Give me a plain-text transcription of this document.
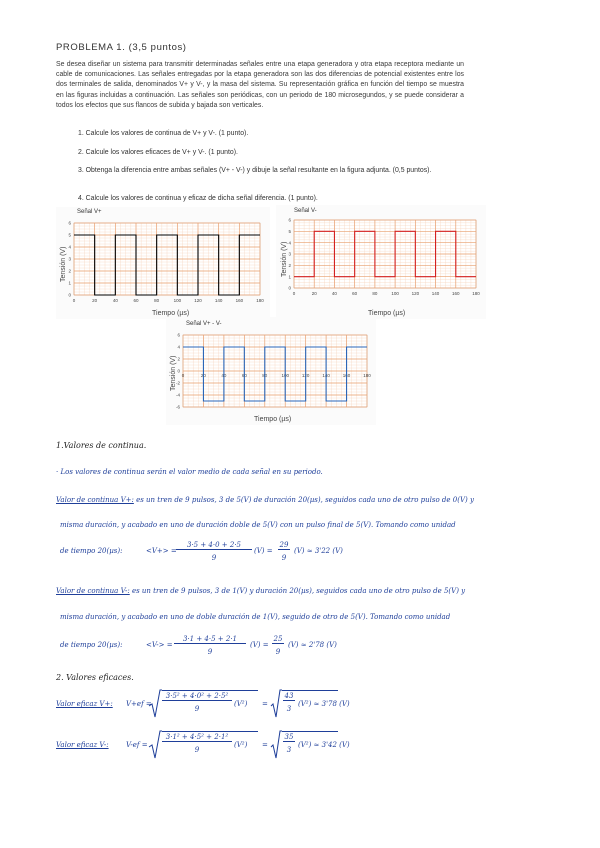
PROBLEMA 1. (3,5 puntos)
Se desea diseñar un sistema para transmitir determinadas señales entre una etapa generadora y otra etapa receptora mediante un cable de comunicaciones. Las señales entregadas por la etapa generadora son las dos diferencias de potencial existentes entre los dos terminales de salida, denominados V+ y V-, y la masa del sistema. Su representación gráfica en función del tiempo se muestra en las figuras incluidas a continuación. Las señales son periódicas, con un periodo de 180 microsegundos, y se puede considerar a todos los efectos que sus flancos de subida y bajada son verticales.
1. Calcule los valores de continua de V+ y V-. (1 punto).
2. Calcule los valores eficaces de V+ y V-. (1 punto).
3. Obtenga la diferencia entre ambas señales (V+ - V-) y dibuje la señal resultante en la figura adjunta. (0,5 puntos).
4. Calcule los valores de continua y eficaz de dicha señal diferencia. (1 punto).
Señal V+
0	20	40	60	80	100	120	140	160	180
0
1
2
3
4
5
6
Tensión (V)
Tiempo (µs)
Señal V-
0	20	40	60	80	100	120	140	160	180
0
1
2
3
4
5
6
Tensión (V)
Tiempo (µs)
Señal V+ - V-
0	20	40	60	80	100	120	140	160	180
-6
-4
-2
0
2
4
6
Tensión (V)
Tiempo (µs)
1.Valores de continua.
· Los valores de continua serán el valor medio de cada señal en su periodo.
Valor de continua V+: es un tren de 9 pulsos, 3 de 5(V) de duración 20(µs), seguidos cada uno de otro pulso de 0(V) y
misma duración, y acabado en uno de duración doble de 5(V) con un pulso final de 5(V). Tomando como unidad
de tiempo 20(µs):	<V+> =
3·5 + 4·0 + 2·5
9
(V) =
29
9
(V) ≈ 3'22 (V)
Valor de continua V-: es un tren de 9 pulsos, 3 de 1(V) y duración 20(µs), seguidos cada uno de otro pulso de 5(V) y
misma duración, y acabado en uno de doble duración de 1(V), seguido de otro de 5(V). Tomando como unidad
de tiempo 20(µs):	<V-> =
3·1 + 4·5 + 2·1
9
(V) =
25
9
(V) ≈ 2'78 (V)
2. Valores eficaces.
Valor eficaz V+: V+ef =
3·5² + 4·0² + 2·5²
9
(V²) =
43
3
(V²) ≈ 3'78 (V)
Valor eficaz V-: V-ef =
3·1² + 4·5² + 2·1²
9
(V²) =
35
3
(V²) ≈ 3'42 (V)
